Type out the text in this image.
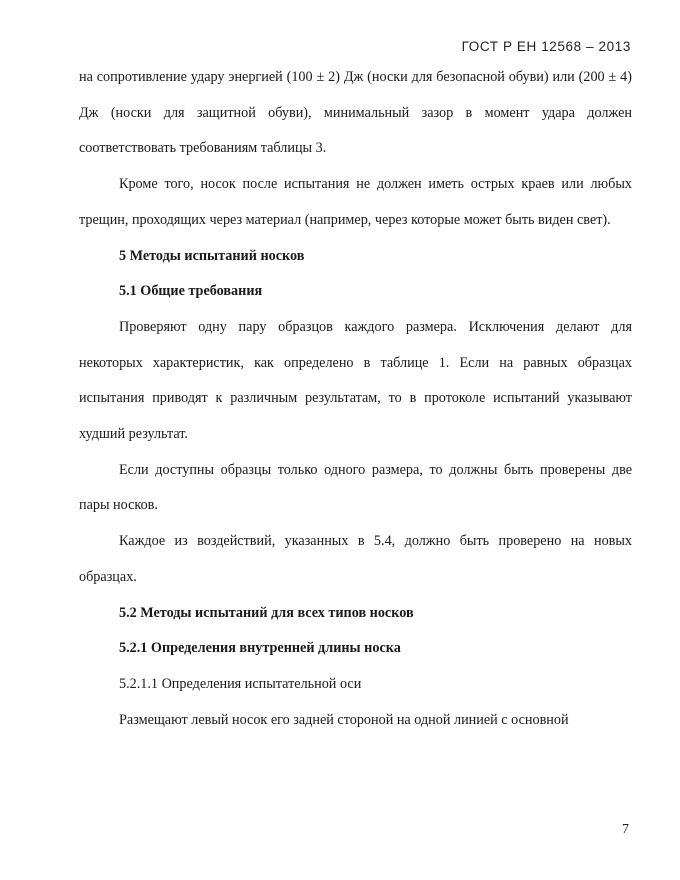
ГОСТ Р ЕН 12568 – 2013

на сопротивление удару энергией (100 ± 2) Дж (носки для безопасной обуви) или (200 ± 4) Дж (носки для защитной обуви), минимальный зазор в момент удара должен соответствовать требованиям таблицы 3.

Кроме того, носок после испытания не должен иметь острых краев или любых трещин, проходящих через материал (например, через которые может быть виден свет).

5 Методы испытаний носков

5.1 Общие требования

Проверяют одну пару образцов каждого размера. Исключения делают для некоторых характеристик, как определено в таблице 1. Если на равных образцах испытания приводят к различным результатам, то в протоколе испытаний указывают худший результат.

Если доступны образцы только одного размера, то должны быть проверены две пары носков.

Каждое из воздействий, указанных в 5.4, должно быть проверено на новых образцах.

5.2 Методы испытаний для всех типов носков

5.2.1 Определения внутренней длины носка

5.2.1.1 Определения испытательной оси

Размещают левый носок его задней стороной на одной линией с основной

7
